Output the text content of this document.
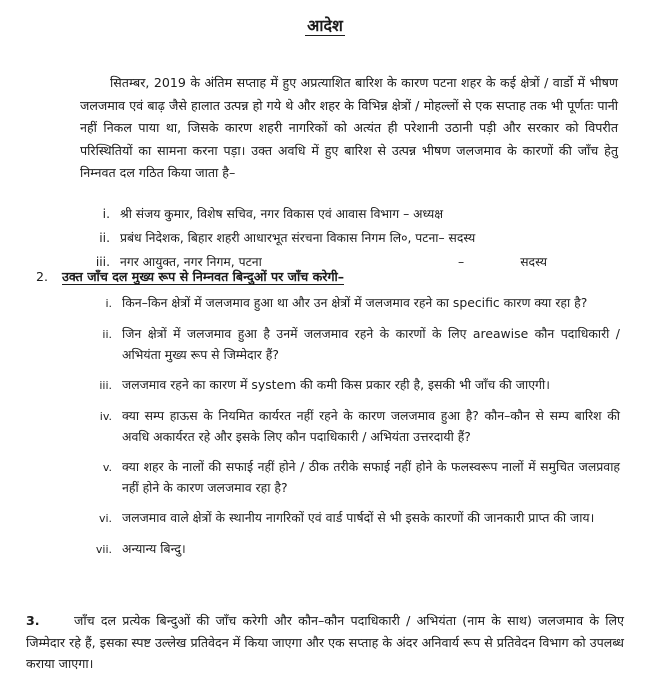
आदेश
सितम्बर, 2019 के अंतिम सप्ताह में हुए अप्रत्याशित बारिश के कारण पटना शहर के कई क्षेत्रों / वार्डो में भीषण जलजमाव एवं बाढ़ जैसे हालात उत्पन्न हो गये थे और शहर के विभिन्न क्षेत्रों / मोहल्लों से एक सप्ताह तक भी पूर्णतः पानी नहीं निकल पाया था, जिसके कारण शहरी नागरिकों को अत्यंत ही परेशानी उठानी पड़ी और सरकार को विपरीत परिस्थितियों का सामना करना पड़ा। उक्त अवधि में हुए बारिश से उत्पन्न भीषण जलजमाव के कारणों की जाँच हेतु निम्नवत दल गठित किया जाता है–
i. श्री संजय कुमार, विशेष सचिव, नगर विकास एवं आवास विभाग – अध्यक्ष
ii. प्रबंध निदेशक, बिहार शहरी आधारभूत संरचना विकास निगम लि०, पटना– सदस्य
iii. नगर आयुक्त, नगर निगम, पटना	–	सदस्य
2. उक्त जाँच दल मुख्य रूप से निम्नवत बिन्दुओं पर जाँच करेगी–
i. किन–किन क्षेत्रों में जलजमाव हुआ था और उन क्षेत्रों में जलजमाव रहने का specific कारण क्या रहा है?
ii. जिन क्षेत्रों में जलजमाव हुआ है उनमें जलजमाव रहने के कारणों के लिए areawise कौन पदाधिकारी / अभियंता मुख्य रूप से जिम्मेदार हैं?
iii. जलजमाव रहने का कारण में system की कमी किस प्रकार रही है, इसकी भी जाँच की जाएगी।
iv. क्या सम्प हाऊस के नियमित कार्यरत नहीं रहने के कारण जलजमाव हुआ है? कौन–कौन से सम्प बारिश की अवधि अकार्यरत रहे और इसके लिए कौन पदाधिकारी / अभियंता उत्तरदायी हैं?
v. क्या शहर के नालों की सफाई नहीं होने / ठीक तरीके सफाई नहीं होने के फलस्वरूप नालों में समुचित जलप्रवाह नहीं होने के कारण जलजमाव रहा है?
vi. जलजमाव वाले क्षेत्रों के स्थानीय नागरिकों एवं वार्ड पार्षदों से भी इसके कारणों की जानकारी प्राप्त की जाय।
vii. अन्यान्य बिन्दु।
3.	जाँच दल प्रत्येक बिन्दुओं की जाँच करेगी और कौन–कौन पदाधिकारी / अभियंता (नाम के साथ) जलजमाव के लिए जिम्मेदार रहे हैं, इसका स्पष्ट उल्लेख प्रतिवेदन में किया जाएगा और एक सप्ताह के अंदर अनिवार्य रूप से प्रतिवेदन विभाग को उपलब्ध कराया जाएगा।
